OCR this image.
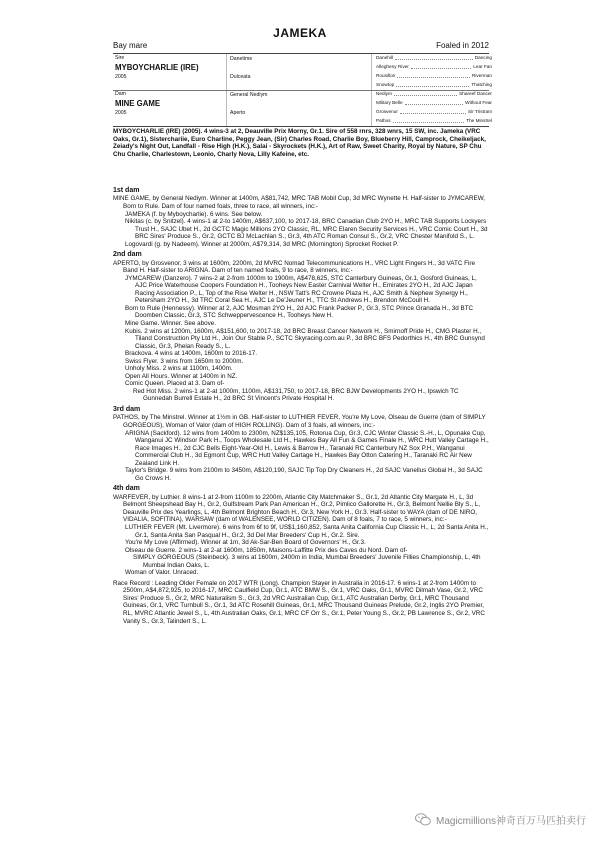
JAMEKA
Bay mare	Foaled in 2012
Sire
MYBOYCHARLIE (IRE)
2005
Dam
MINE GAME
2005
Danetime
Dulceata
General Nediym
Aperto
Danehill	Dancing
Allegheny River	Lear Fan
Rousillon	Riverman
Snowtop	Thatching
Nediym	Shareef Dancer
Military Belle	Without Fear
Grosvenor	Sir Tristram
Pathos	The Minstrel
MYBOYCHARLIE (IRE) (2005). 4 wins-3 at 2, Deauville Prix Morny, Gr.1. Sire of 558 rnrs, 328 wnrs, 15 SW, inc. Jameka (VRC Oaks, Gr.1), Sisterchariie, Euro Charline, Peggy Jean, (Sir) Charles Road, Charlie Boy, Blueberry Hill, Camprock, Cheikeljack, Zeiady's Night Out, Landfall - Rise High (H.K.), Salai - Skyrockets (H.K.), Art of Raw, Sweet Charity, Royal by Nature, SP Chu Chu Charlie, Charlestown, Leonio, Charly Nova, Lilly Kafeine, etc.
1st dam

MINE GAME, by General Nediym. Winner at 1400m, A$81,742, MRC TAB Mobil Cup, 3d MRC Wynette H. Half-sister to JYMCAREW, Born to Rule. Dam of four named foals, three to race, all winners, inc:-

JAMEKA (f. by Myboycharlie). 6 wins. See below.

Nikitas (c. by Snitzel). 4 wins-1 at 2-to 1400m, A$637,100, to 2017-18, BRC Canadian Club 2YO H., MRC TAB Supports Lockyers Trust H., SAJC Ubet H., 2d GCTC Magic Millions 2YO Classic, RL, MRC Elaren Security Services H., VRC Comic Court H., 3d BRC Sires' Produce S., Gr.2, GCTC BJ McLachlan S., Gr.3, 4th ATC Roman Consul S., Gr.2, VRC Chester Manifold S., L.

Logovardi (g. by Nadeem). Winner at 2000m, A$79,314, 3d MRC (Mornington) Sprocket Rocket P.

2nd dam

APERTO, by Grosvenor. 3 wins at 1600m, 2200m, 2d MVRC Nomad Telecommunications H., VRC Light Fingers H., 3d VATC Fire Band H. Half-sister to ARIGNA. Dam of ten named foals, 9 to race, 8 winners, inc:-

JYMCAREW (Danzero). 7 wins-2 at 2-from 1000m to 1900m, A$478,625, STC Canterbury Guineas, Gr.1, Gosford Guineas, L, AJC Price Waterhouse Coopers Foundation H., Tooheys New Easter Carnival Welter H., Emirates 2YO H., 2d AJC Japan Racing Association P., L, Top of the Rise Welter H., NSW Tatt's RC Crowne Plaza H., AJC Smith & Nephew Synergy H., Petersham 2YO H., 3d TRC Coral Sea H., AJC Le De'Jeuner H., TTC St Andrews H., Brendon McCoull H.

Born to Rule (Hennessy). Winner at 2, AJC Mosman 2YO H., 2d AJC Frank Packer P., Gr.3, STC Prince Granada H., 3d BTC Doomben Classic, Gr.3, STC Schweppervescence H., Tooheys New H.

Mine Game. Winner. See above.

Kubis. 2 wins at 1200m, 1600m, A$151,600, to 2017-18, 2d BRC Breast Cancer Network H., Smirnoff Pride H., CMG Plaster H., Tiland Construction Pty Ltd H., Join Our Stable P., SCTC Skyracing.com.au P., 3d BRC BFS Pedorthics H., 4th BRC Gunsynd Classic, Gr.3, Phelan Ready S., L.

Brackova. 4 wins at 1400m, 1600m to 2016-17.

Swiss Flyer. 3 wins from 1650m to 2000m.

Unholy Miss. 2 wins at 1100m, 1400m.

Open All Hours. Winner at 1400m in NZ.

Comic Queen. Placed at 3. Dam of-

Red Hot Miss. 2 wins-1 at 2-at 1000m, 1100m, A$131,750, to 2017-18, BRC BJW Developments 2YO H., Ipswich TC Gunnedah Burrell Estate H., 2d BRC St Vincent's Private Hospital H.

3rd dam

PATHOS, by The Minstrel. Winner at 1½m in GB. Half-sister to LUTHIER FEVER, You're My Love, Olseau de Guerre (dam of SIMPLY GORGEOUS), Woman of Valor (dam of HIGH ROLLING). Dam of 3 foals, all winners, inc:-

ARIGNA (Sackford). 12 wins from 1400m to 2300m, NZ$135,105, Rotorua Cup, Gr.3, CJC Winter Classic S.-H., L, Opunake Cup, Wanganui JC Windsor Park H., Toops Wholesale Ltd H., Hawkes Bay All Fun & Games Finale H., WRC Hutt Valley Cartage H., Race Images H., 2d CJC Bells Eight-Year-Old H., Lewis & Barrow H., Taranaki RC Canterbury NZ Sox P.H., Wanganui Commercial Club H., 3d Egmont Cup, WRC Hutt Valley Cartage H., Hawkes Bay Otton Catering H., Taranaki RC Air New Zealand Link H.

Taylor's Bridge. 9 wins from 2100m to 3450m, A$120,190, SAJC Tip Top Dry Cleaners H., 2d SAJC Vanellus Global H., 3d SAJC Go Crows H.

4th dam

WARFEVER, by Luthier. 8 wins-1 at 2-from 1100m to 2200m, Atlantic City Matchmaker S., Gr.1, 2d Atlantic City Margate H., L, 3d Belmont Sheepshead Bay H., Gr.2, Gulfstream Park Pan American H., Gr.2, Pimlico Gallorette H., Gr.3, Belmont Nellie Bly S., L, Deauville Prix des Yearlings, L, 4th Belmont Brighton Beach H., Gr.3, New York H., Gr.3. Half-sister to WAYA (dam of DE NIRO, VIDALIA, SOFITINA), WARSAW (dam of WALENSEE, WORLD CITIZEN). Dam of 8 foals, 7 to race, 5 winners, inc:-

LUTHIER FEVER (Mt. Livermore). 6 wins from 6f to 9f, US$1,160,852, Santa Anita California Cup Classic H., L, 2d Santa Anita H., Gr.1, Santa Anita San Pasqual H., Gr.2, 3d Del Mar Breeders' Cup H., Gr.2. Sire.

You're My Love (Affirmed). Winner at 1m, 3d Ak-Sar-Ben Board of Governors' H., Gr.3.

Olseau de Guerre. 2 wins-1 at 2-at 1600m, 1850m, Maisons-Laffitte Prix des Caves du Nord. Dam of-

SIMPLY GORGEOUS (Steinbeck). 3 wins at 1600m, 2400m in India, Mumbai Breeders' Juvenile Fillies Championship, L, 4th Mumbai Indian Oaks, L.

Woman of Valor. Unraced.

Race Record : Leading Older Female on 2017 WTR (Long). Champion Stayer in Australia in 2016-17. 6 wins-1 at 2-from 1400m to 2500m, A$4,872,925, to 2016-17, MRC Caulfield Cup, Gr.1, ATC BMW S., Gr.1, VRC Oaks, Gr.1, MVRC Dilmah Vase, Gr.2, VRC Sires' Produce S., Gr.2, MRC Naturalism S., Gr.3, 2d VRC Australian Cup, Gr.1, ATC Australian Derby, Gr.1, MRC Thousand Guineas, Gr.1, VRC Turnbull S., Gr.1, 3d ATC Rosehill Guineas, Gr.1, MRC Thousand Guineas Prelude, Gr.2, Inglis 2YO Premier, RL, MVRC Atlantic Jewel S., L, 4th Australian Oaks, Gr.1, MRC CF Orr S., Gr.1, Peter Young S., Gr.2, PB Lawrence S., Gr.2, VRC Vanity S., Gr.3, Talindert S., L.

Magicmillions神奇百万马匹拍卖行
